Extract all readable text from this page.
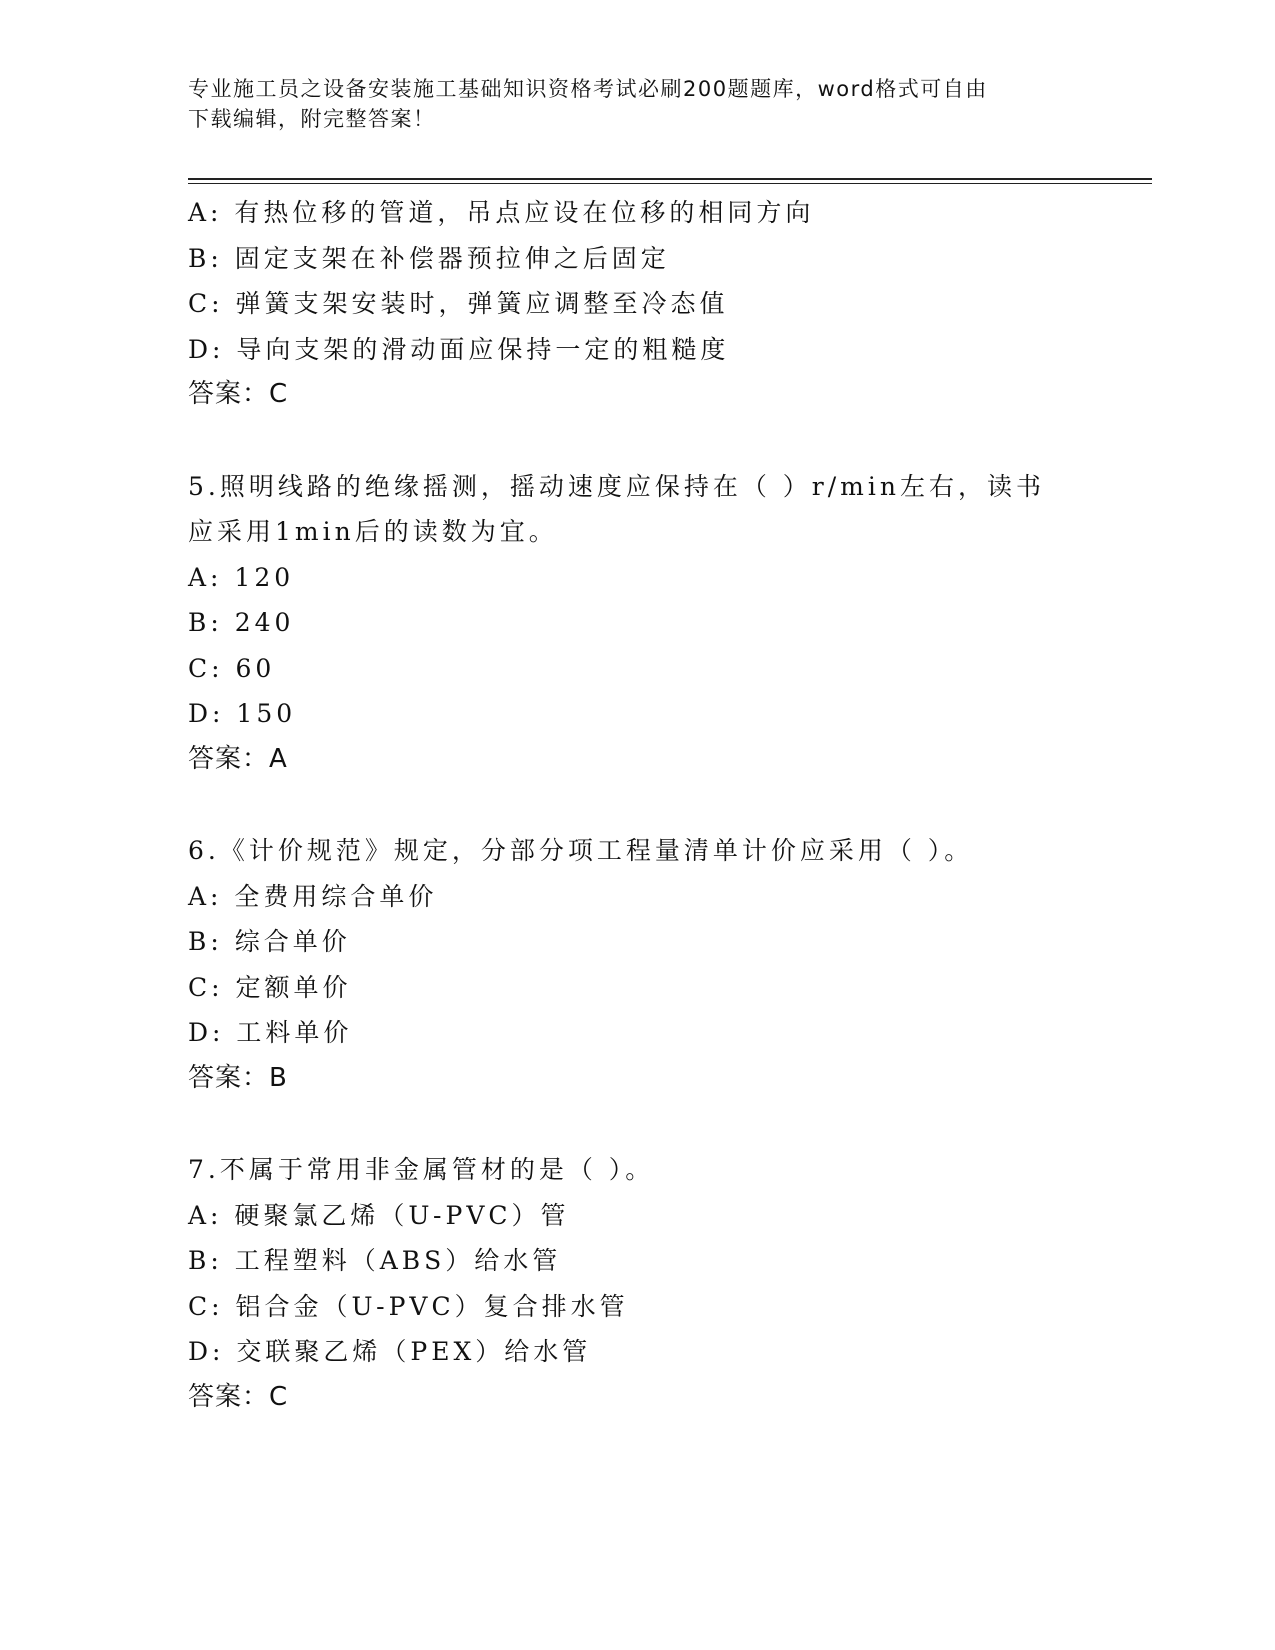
专业施工员之设备安装施工基础知识资格考试必刷200题题库，word格式可自由
下载编辑，附完整答案！
A: 有热位移的管道，吊点应设在位移的相同方向
B: 固定支架在补偿器预拉伸之后固定
C: 弹簧支架安装时，弹簧应调整至冷态值
D: 导向支架的滑动面应保持一定的粗糙度
答案：C
5.照明线路的绝缘摇测，摇动速度应保持在（ ）r/min左右，读书应采用1min后的读数为宜。
A: 120
B: 240
C: 60
D: 150
答案：A
6.《计价规范》规定，分部分项工程量清单计价应采用（ ）。
A: 全费用综合单价
B: 综合单价
C: 定额单价
D: 工料单价
答案：B
7.不属于常用非金属管材的是（ ）。
A: 硬聚氯乙烯（U-PVC）管
B: 工程塑料（ABS）给水管
C: 铝合金（U-PVC）复合排水管
D: 交联聚乙烯（PEX）给水管
答案：C
